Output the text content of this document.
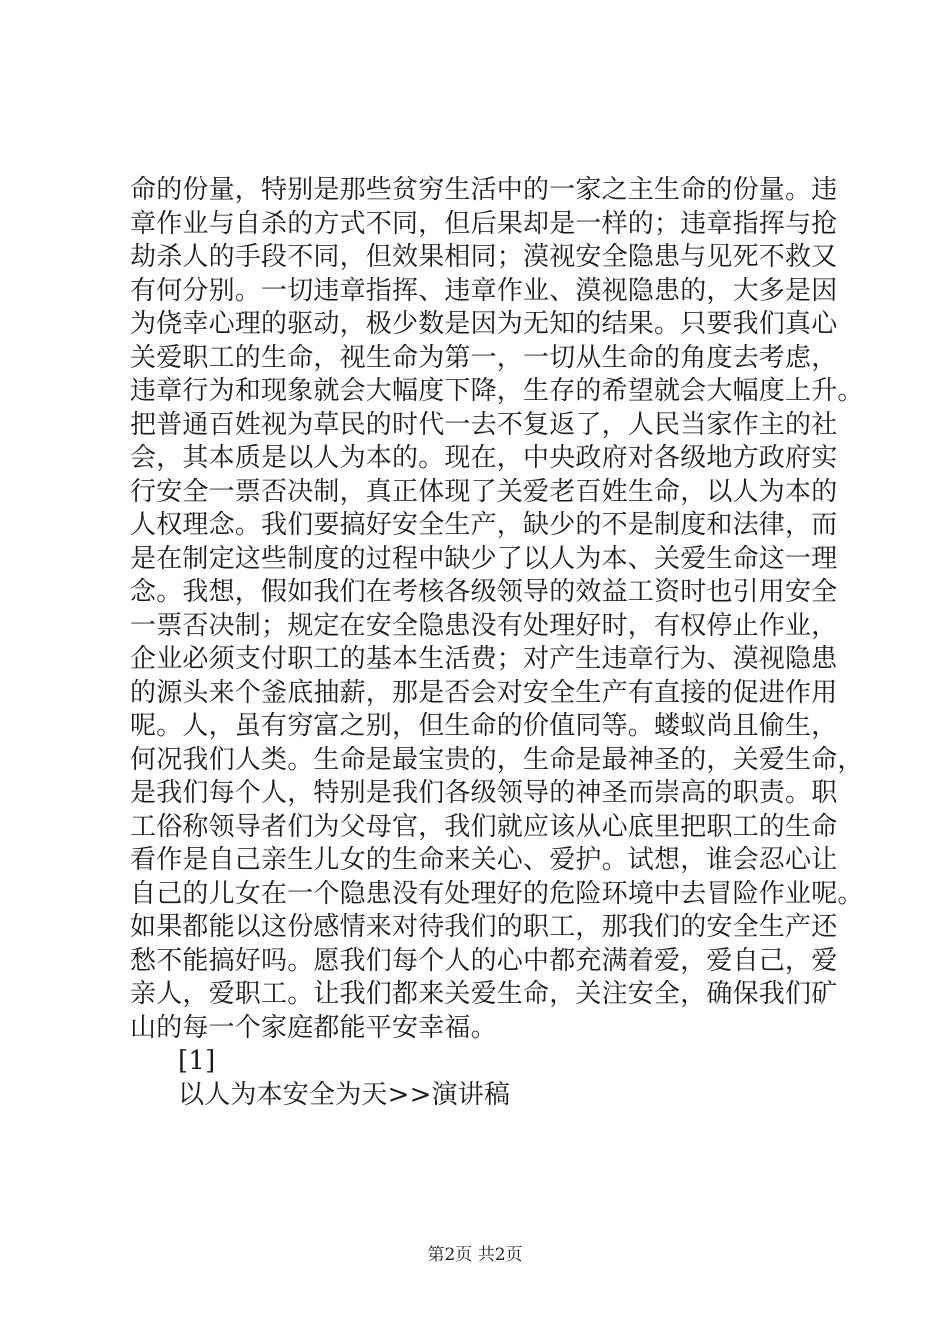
命的份量，特别是那些贫穷生活中的一家之主生命的份量。违
章作业与自杀的方式不同，但后果却是一样的；违章指挥与抢
劫杀人的手段不同，但效果相同；漠视安全隐患与见死不救又
有何分别。一切违章指挥、违章作业、漠视隐患的，大多是因
为侥幸心理的驱动，极少数是因为无知的结果。只要我们真心
关爱职工的生命，视生命为第一，一切从生命的角度去考虑，
违章行为和现象就会大幅度下降，生存的希望就会大幅度上升。
把普通百姓视为草民的时代一去不复返了，人民当家作主的社
会，其本质是以人为本的。现在，中央政府对各级地方政府实
行安全一票否决制，真正体现了关爱老百姓生命，以人为本的
人权理念。我们要搞好安全生产，缺少的不是制度和法律，而
是在制定这些制度的过程中缺少了以人为本、关爱生命这一理
念。我想，假如我们在考核各级领导的效益工资时也引用安全
一票否决制；规定在安全隐患没有处理好时，有权停止作业，
企业必须支付职工的基本生活费；对产生违章行为、漠视隐患
的源头来个釜底抽薪，那是否会对安全生产有直接的促进作用
呢。人，虽有穷富之别，但生命的价值同等。蝼蚁尚且偷生，
何况我们人类。生命是最宝贵的，生命是最神圣的，关爱生命，
是我们每个人，特别是我们各级领导的神圣而崇高的职责。职
工俗称领导者们为父母官，我们就应该从心底里把职工的生命
看作是自己亲生儿女的生命来关心、爱护。试想，谁会忍心让
自己的儿女在一个隐患没有处理好的危险环境中去冒险作业呢。
如果都能以这份感情来对待我们的职工，那我们的安全生产还
愁不能搞好吗。愿我们每个人的心中都充满着爱，爱自己，爱
亲人，爱职工。让我们都来关爱生命，关注安全，确保我们矿
山的每一个家庭都能平安幸福。
[1]
以人为本安全为天>>演讲稿
第2页 共2页
